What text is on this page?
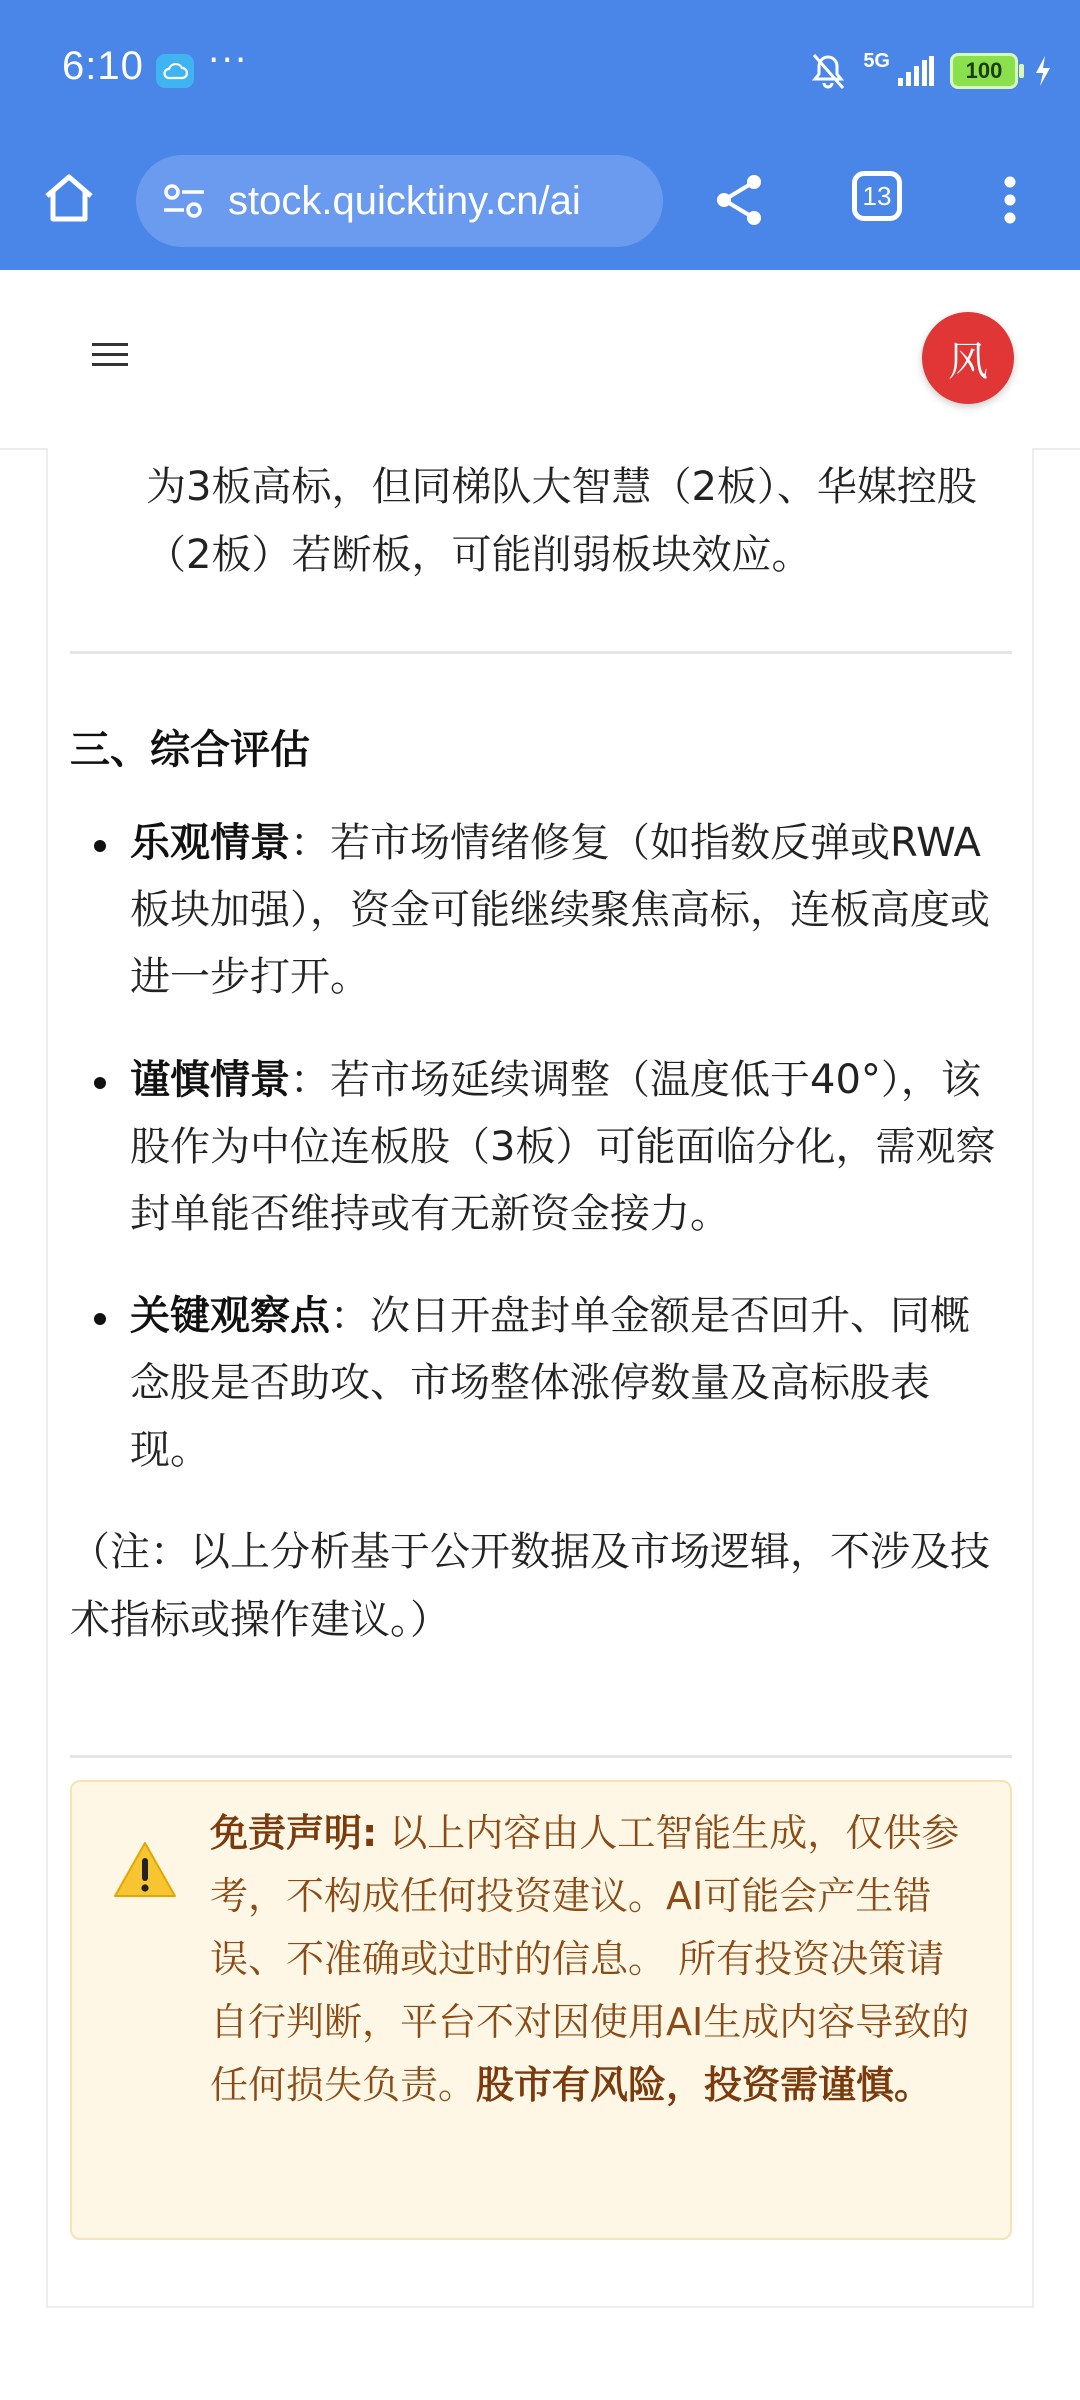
6:10 ···	5G	100
stock.quicktiny.cn/ai	13
风
为3板高标，但同梯队大智慧（2板）、华媒控股（2板）若断板，可能削弱板块效应。
三、综合评估
乐观情景：若市场情绪修复（如指数反弹或RWA板块加强），资金可能继续聚焦高标，连板高度或进一步打开。
谨慎情景：若市场延续调整（温度低于40°），该股作为中位连板股（3板）可能面临分化，需观察封单能否维持或有无新资金接力。
关键观察点：次日开盘封单金额是否回升、同概念股是否助攻、市场整体涨停数量及高标股表现。
（注：以上分析基于公开数据及市场逻辑，不涉及技术指标或操作建议。）
免责声明: 以上内容由人工智能生成，仅供参考，不构成任何投资建议。AI可能会产生错误、不准确或过时的信息。 所有投资决策请自行判断，平台不对因使用AI生成内容导致的任何损失负责。股市有风险，投资需谨慎。
